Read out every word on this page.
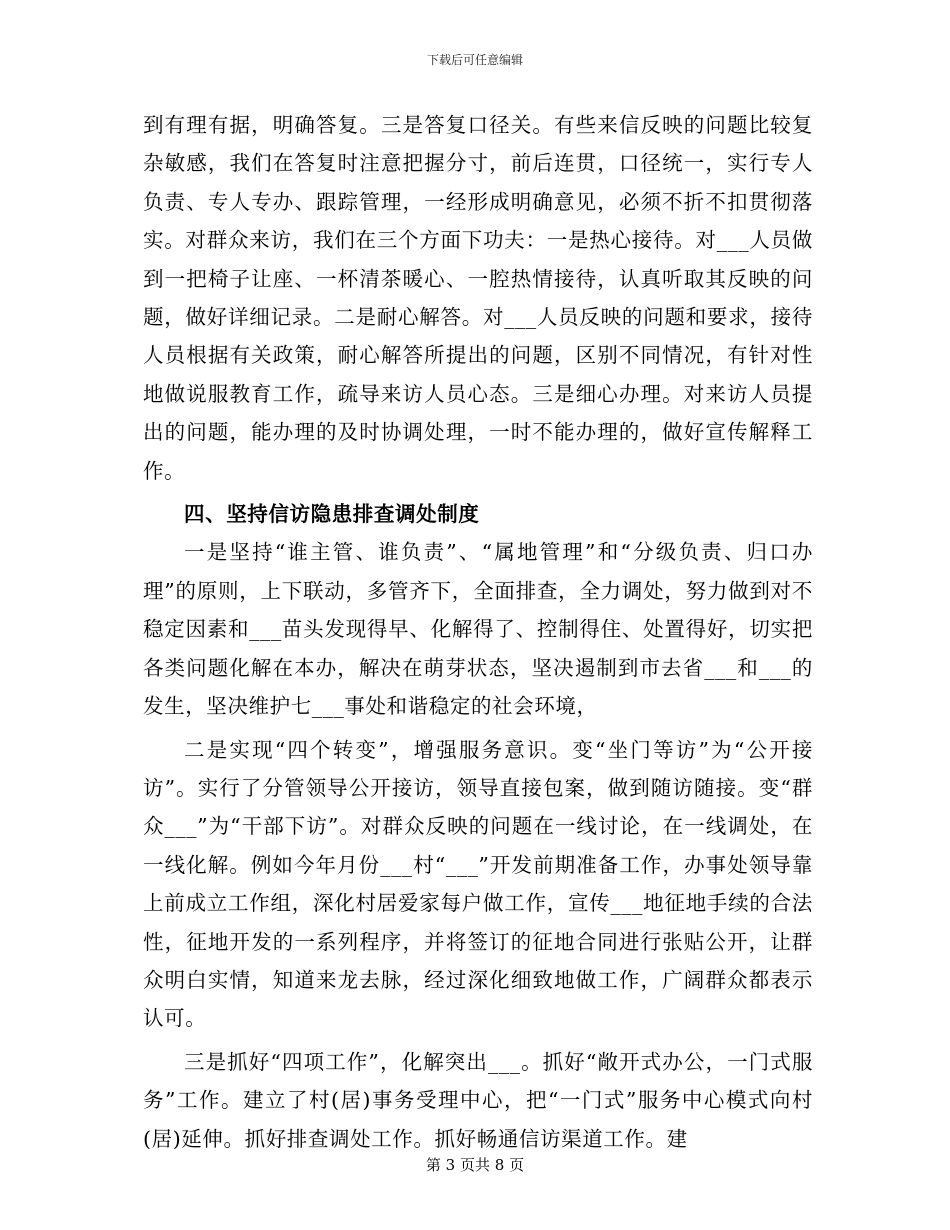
下载后可任意编辑

到有理有据，明确答复。三是答复口径关。有些来信反映的问题比较复杂敏感，我们在答复时注意把握分寸，前后连贯，口径统一，实行专人负责、专人专办、跟踪管理，一经形成明确意见，必须不折不扣贯彻落实。对群众来访，我们在三个方面下功夫：一是热心接待。对___人员做到一把椅子让座、一杯清茶暖心、一腔热情接待，认真听取其反映的问题，做好详细记录。二是耐心解答。对___人员反映的问题和要求，接待人员根据有关政策，耐心解答所提出的问题，区别不同情况，有针对性地做说服教育工作，疏导来访人员心态。三是细心办理。对来访人员提出的问题，能办理的及时协调处理，一时不能办理的，做好宣传解释工作。

四、坚持信访隐患排查调处制度

一是坚持“谁主管、谁负责”、“属地管理”和“分级负责、归口办理”的原则，上下联动，多管齐下，全面排查，全力调处，努力做到对不稳定因素和___苗头发现得早、化解得了、控制得住、处置得好，切实把各类问题化解在本办，解决在萌芽状态，坚决遏制到市去省___和___的发生，坚决维护七___事处和谐稳定的社会环境，

二是实现“四个转变”，增强服务意识。变“坐门等访”为“公开接访”。实行了分管领导公开接访，领导直接包案，做到随访随接。变“群众___”为“干部下访”。对群众反映的问题在一线讨论，在一线调处，在一线化解。例如今年月份___村“___”开发前期准备工作，办事处领导靠上前成立工作组，深化村居爱家每户做工作，宣传___地征地手续的合法性，征地开发的一系列程序，并将签订的征地合同进行张贴公开，让群众明白实情，知道来龙去脉，经过深化细致地做工作，广阔群众都表示认可。

三是抓好“四项工作”，化解突出___。抓好“敞开式办公，一门式服务”工作。建立了村(居)事务受理中心，把“一门式”服务中心模式向村(居)延伸。抓好排查调处工作。抓好畅通信访渠道工作。建

第 3 页共 8 页
